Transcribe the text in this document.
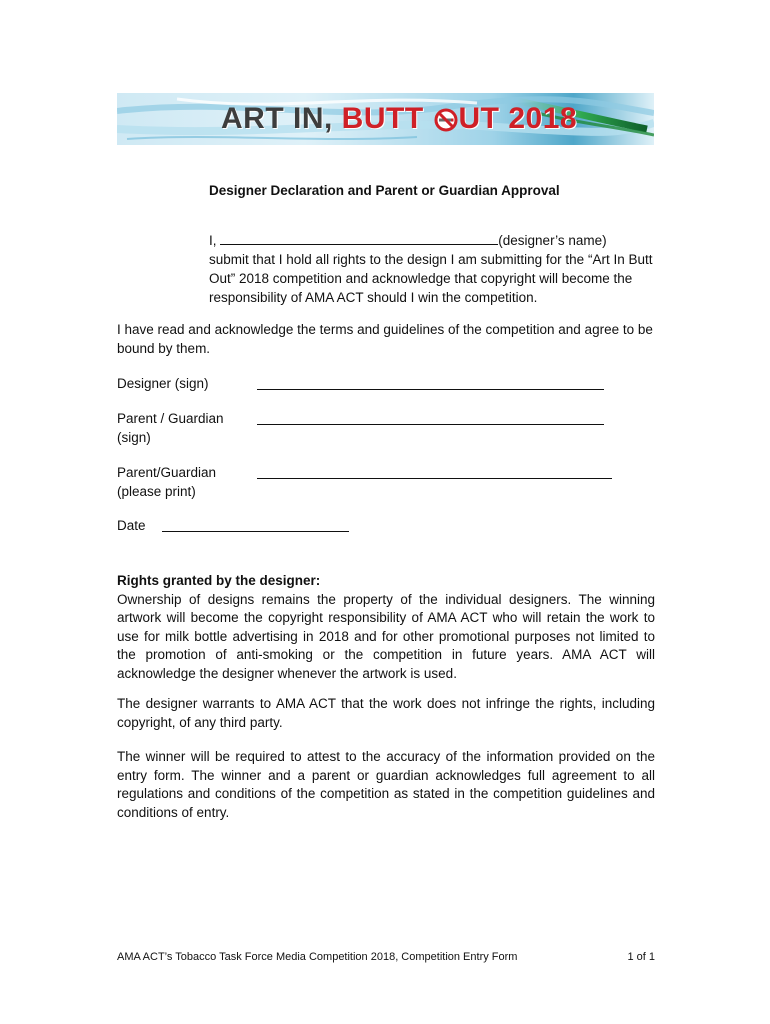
ART IN, BUTT
UT 2018
Designer Declaration and Parent or Guardian Approval
I,	(designer’s name)
submit that I hold all rights to the design I am submitting for the “Art In Butt Out” 2018 competition and acknowledge that copyright will become the responsibility of AMA ACT should I win the competition.
I have read and acknowledge the terms and guidelines of the competition and agree to be bound by them.
Designer (sign)
Parent / Guardian
(sign)
Parent/Guardian
(please print)
Date
Rights granted by the designer:
Ownership of designs remains the property of the individual designers. The winning artwork will become the copyright responsibility of AMA ACT who will retain the work to use for milk bottle advertising in 2018 and for other promotional purposes not limited to the promotion of anti-smoking or the competition in future years. AMA ACT will acknowledge the designer whenever the artwork is used.
The designer warrants to AMA ACT that the work does not infringe the rights, including copyright, of any third party.
The winner will be required to attest to the accuracy of the information provided on the entry form. The winner and a parent or guardian acknowledges full agreement to all regulations and conditions of the competition as stated in the competition guidelines and conditions of entry.
AMA ACT’s Tobacco Task Force Media Competition 2018, Competition Entry Form	1 of 1
